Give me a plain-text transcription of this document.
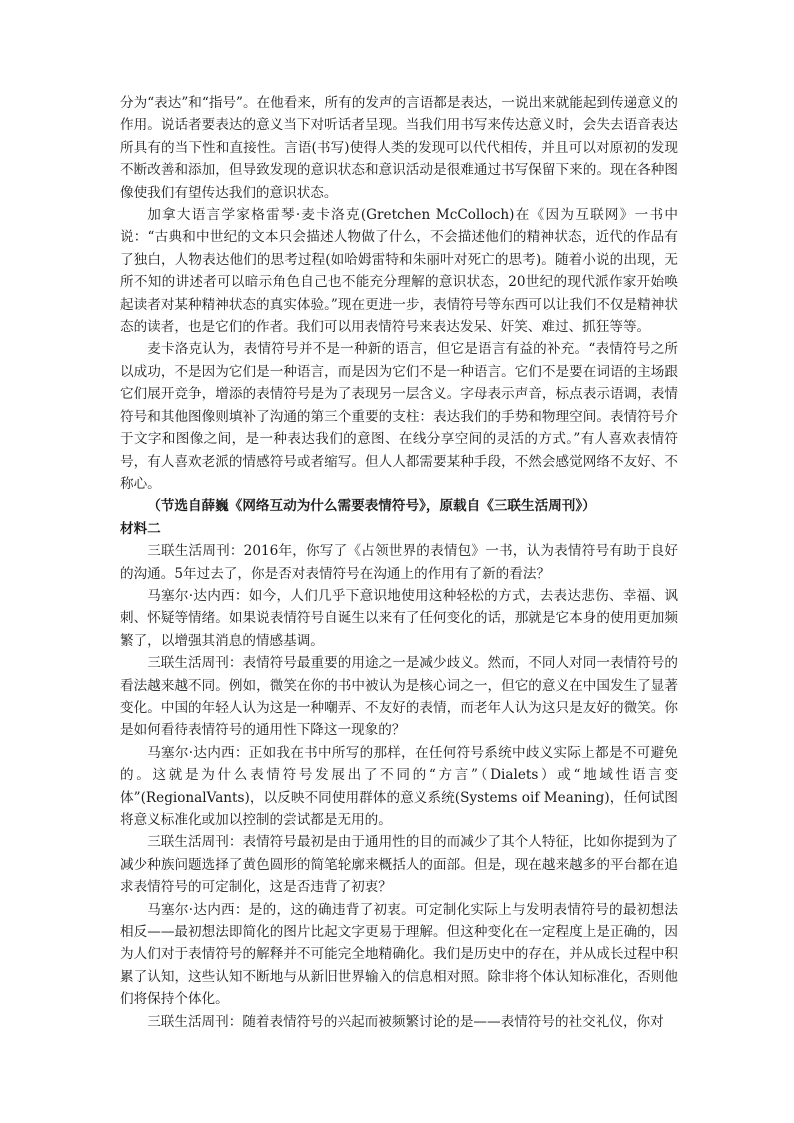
分为“表达”和“指号”。在他看来，所有的发声的言语都是表达，一说出来就能起到传递意义的作用。说话者要表达的意义当下对听话者呈现。当我们用书写来传达意义时，会失去语音表达所具有的当下性和直接性。言语(书写)使得人类的发现可以代代相传，并且可以对原初的发现不断改善和添加，但导致发现的意识状态和意识活动是很难通过书写保留下来的。现在各种图像使我们有望传达我们的意识状态。

加拿大语言学家格雷琴·麦卡洛克(Gretchen McColloch)在《因为互联网》一书中说：“古典和中世纪的文本只会描述人物做了什么，不会描述他们的精神状态，近代的作品有了独白，人物表达他们的思考过程(如哈姆雷特和朱丽叶对死亡的思考)。随着小说的出现，无所不知的讲述者可以暗示角色自己也不能充分理解的意识状态，20世纪的现代派作家开始唤起读者对某种精神状态的真实体验。”现在更进一步，表情符号等东西可以让我们不仅是精神状态的读者，也是它们的作者。我们可以用表情符号来表达发呆、奸笑、难过、抓狂等等。

麦卡洛克认为，表情符号并不是一种新的语言，但它是语言有益的补充。“表情符号之所以成功，不是因为它们是一种语言，而是因为它们不是一种语言。它们不是要在词语的主场跟它们展开竞争，增添的表情符号是为了表现另一层含义。字母表示声音，标点表示语调，表情符号和其他图像则填补了沟通的第三个重要的支柱：表达我们的手势和物理空间。表情符号介于文字和图像之间，是一种表达我们的意图、在线分享空间的灵活的方式。”有人喜欢表情符号，有人喜欢老派的情感符号或者缩写。但人人都需要某种手段，不然会感觉网络不友好、不称心。

（节选自薛巍《网络互动为什么需要表情符号》，原载自《三联生活周刊》）

材料二

三联生活周刊：2016年，你写了《占领世界的表情包》一书，认为表情符号有助于良好的沟通。5年过去了，你是否对表情符号在沟通上的作用有了新的看法？

马塞尔·达内西：如今，人们几乎下意识地使用这种轻松的方式，去表达悲伤、幸福、讽刺、怀疑等情绪。如果说表情符号自诞生以来有了任何变化的话，那就是它本身的使用更加频繁了，以增强其消息的情感基调。

三联生活周刊：表情符号最重要的用途之一是减少歧义。然而，不同人对同一表情符号的看法越来越不同。例如，微笑在你的书中被认为是核心词之一，但它的意义在中国发生了显著变化。中国的年轻人认为这是一种嘲弄、不友好的表情，而老年人认为这只是友好的微笑。你是如何看待表情符号的通用性下降这一现象的？

马塞尔·达内西：正如我在书中所写的那样，在任何符号系统中歧义实际上都是不可避免的。这就是为什么表情符号发展出了不同的“方言”（Dialets）或“地域性语言变体”(RegionalVants)，以反映不同使用群体的意义系统(Systems oif Meaning)，任何试图将意义标准化或加以控制的尝试都是无用的。

三联生活周刊：表情符号最初是由于通用性的目的而减少了其个人特征，比如你提到为了减少种族问题选择了黄色圆形的简笔轮廓来概括人的面部。但是，现在越来越多的平台都在追求表情符号的可定制化，这是否违背了初衷？

马塞尔·达内西：是的，这的确违背了初衷。可定制化实际上与发明表情符号的最初想法相反——最初想法即简化的图片比起文字更易于理解。但这种变化在一定程度上是正确的，因为人们对于表情符号的解释并不可能完全地精确化。我们是历史中的存在，并从成长过程中积累了认知，这些认知不断地与从新旧世界输入的信息相对照。除非将个体认知标准化，否则他们将保持个体化。

三联生活周刊：随着表情符号的兴起而被频繁讨论的是——表情符号的社交礼仪，你对
